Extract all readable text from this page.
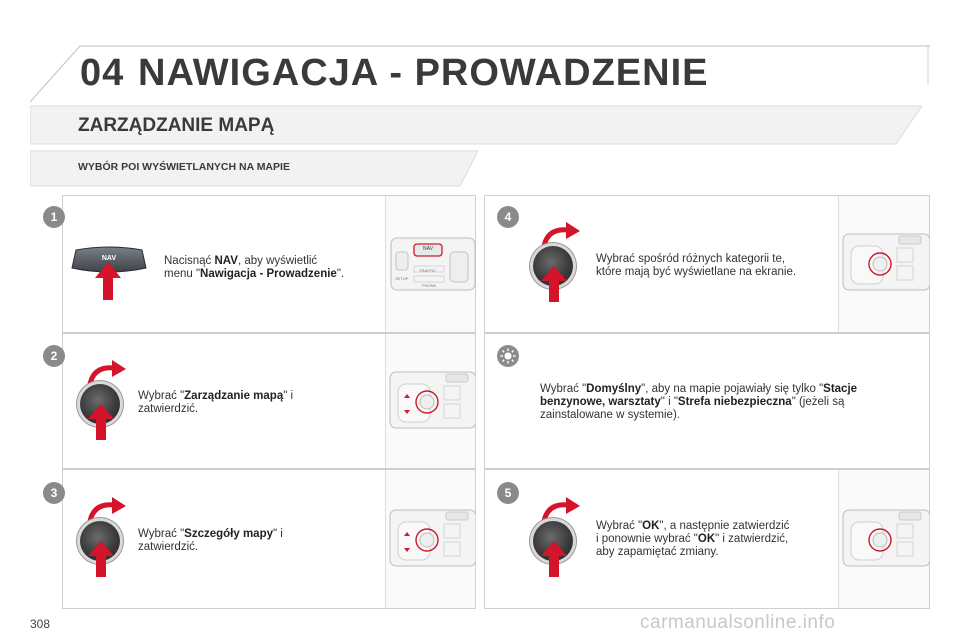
04 NAWIGACJA - PROWADZENIE
ZARZĄDZANIE MAPĄ
WYBÓR POI WYŚWIETLANYCH NA MAPIE
1
2
3
4
5
NAV	Nacisnąć NAV, aby wyświetlić
menu "Nawigacja - Prowadzenie".
NAV
TRAFFIC
SETUP
PHONE
Wybrać "Zarządzanie mapą" i
zatwierdzić.
Wybrać "Szczegóły mapy" i
zatwierdzić.
Wybrać spośród różnych kategorii te,
które mają być wyświetlane na ekranie.
Wybrać "Domyślny", aby na mapie pojawiały się tylko "Stacje
benzynowe, warsztaty" i "Strefa niebezpieczna" (jeżeli są
zainstalowane w systemie).
Wybrać "OK", a następnie zatwierdzić
i ponownie wybrać "OK" i zatwierdzić,
aby zapamiętać zmiany.
308	carmanualsonline.info
